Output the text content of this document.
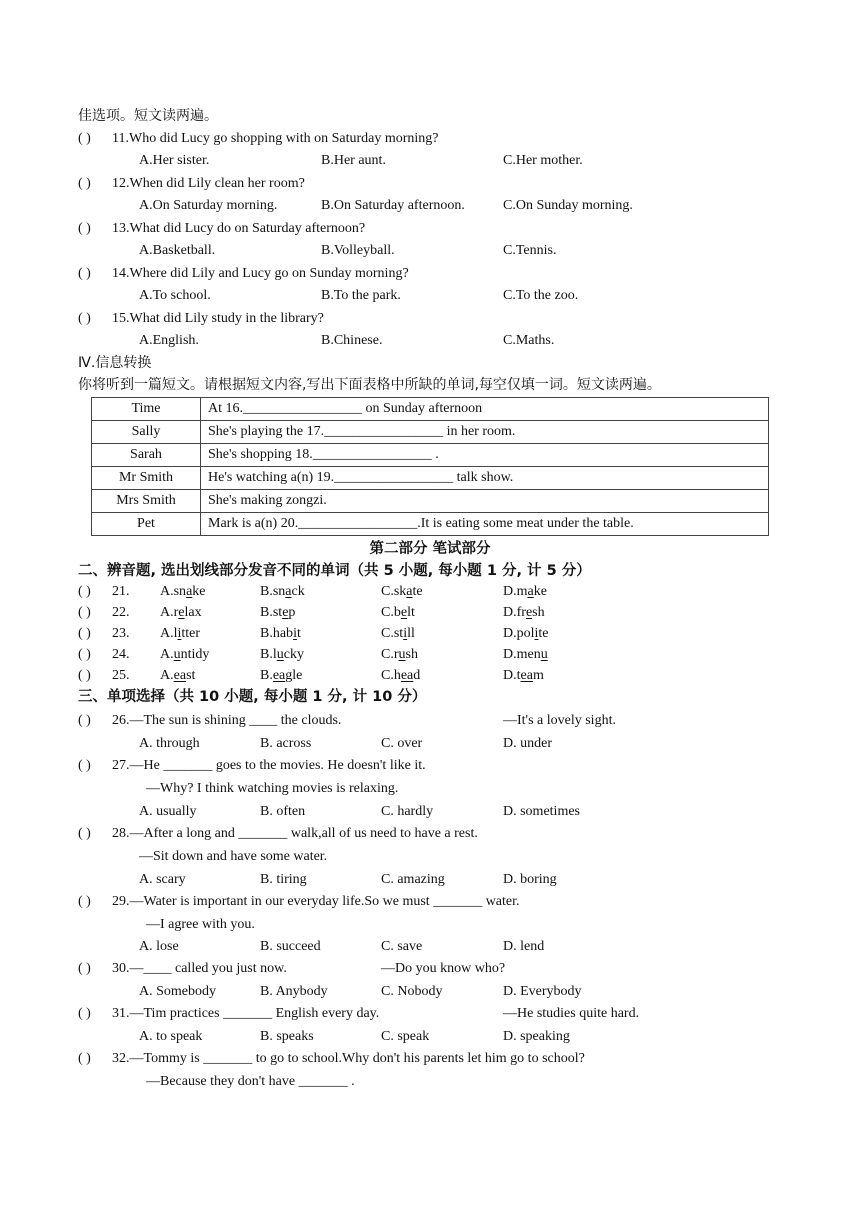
佳选项。短文读两遍。
( ) 11.Who did Lucy go shopping with on Saturday morning?
A.Her sister.	B.Her aunt.	C.Her mother.
( ) 12.When did Lily clean her room?
A.On Saturday morning.	B.On Saturday afternoon.	C.On Sunday morning.
( ) 13.What did Lucy do on Saturday afternoon?
A.Basketball.	B.Volleyball.	C.Tennis.
( ) 14.Where did Lily and Lucy go on Sunday morning?
A.To school.	B.To the park.	C.To the zoo.
( ) 15.What did Lily study in the library?
A.English.	B.Chinese.	C.Maths.
Ⅳ.信息转换
你将听到一篇短文。请根据短文内容,写出下面表格中所缺的单词,每空仅填一词。短文读两遍。
Time	At 16._________________ on Sunday afternoon
Sally	She's playing the 17._________________ in her room.
Sarah	She's shopping 18._________________ .
Mr Smith	He's watching a(n) 19._________________ talk show.
Mrs Smith	She's making zongzi.
Pet	Mark is a(n) 20._________________.It is eating some meat under the table.
第二部分 笔试部分
二、辨音题, 选出划线部分发音不同的单词（共 5 小题, 每小题 1 分, 计 5 分）
( ) 21. A.snake	B.snack	C.skate	D.make
( ) 22. A.relax	B.step	C.belt	D.fresh
( ) 23. A.litter	B.habit	C.still	D.polite
( ) 24. A.untidy	B.lucky	C.rush	D.menu
( ) 25. A.east	B.eagle	C.head	D.team
三、单项选择（共 10 小题, 每小题 1 分, 计 10 分）
( ) 26.—The sun is shining ____ the clouds.	—It's a lovely sight.
A. through	B. across	C. over	D. under
( ) 27.—He _______ goes to the movies. He doesn't like it.
—Why? I think watching movies is relaxing.
A. usually	B. often	C. hardly	D. sometimes
( ) 28.—After a long and _______ walk,all of us need to have a rest.
—Sit down and have some water.
A. scary	B. tiring	C. amazing	D. boring
( ) 29.—Water is important in our everyday life.So we must _______ water.
—I agree with you.
A. lose	B. succeed	C. save	D. lend
( ) 30.—____ called you just now.	—Do you know who?
A. Somebody	B. Anybody	C. Nobody	D. Everybody
( ) 31.—Tim practices _______ English every day.	—He studies quite hard.
A. to speak	B. speaks	C. speak	D. speaking
( ) 32.—Tommy is _______ to go to school.Why don't his parents let him go to school?
—Because they don't have _______ .
